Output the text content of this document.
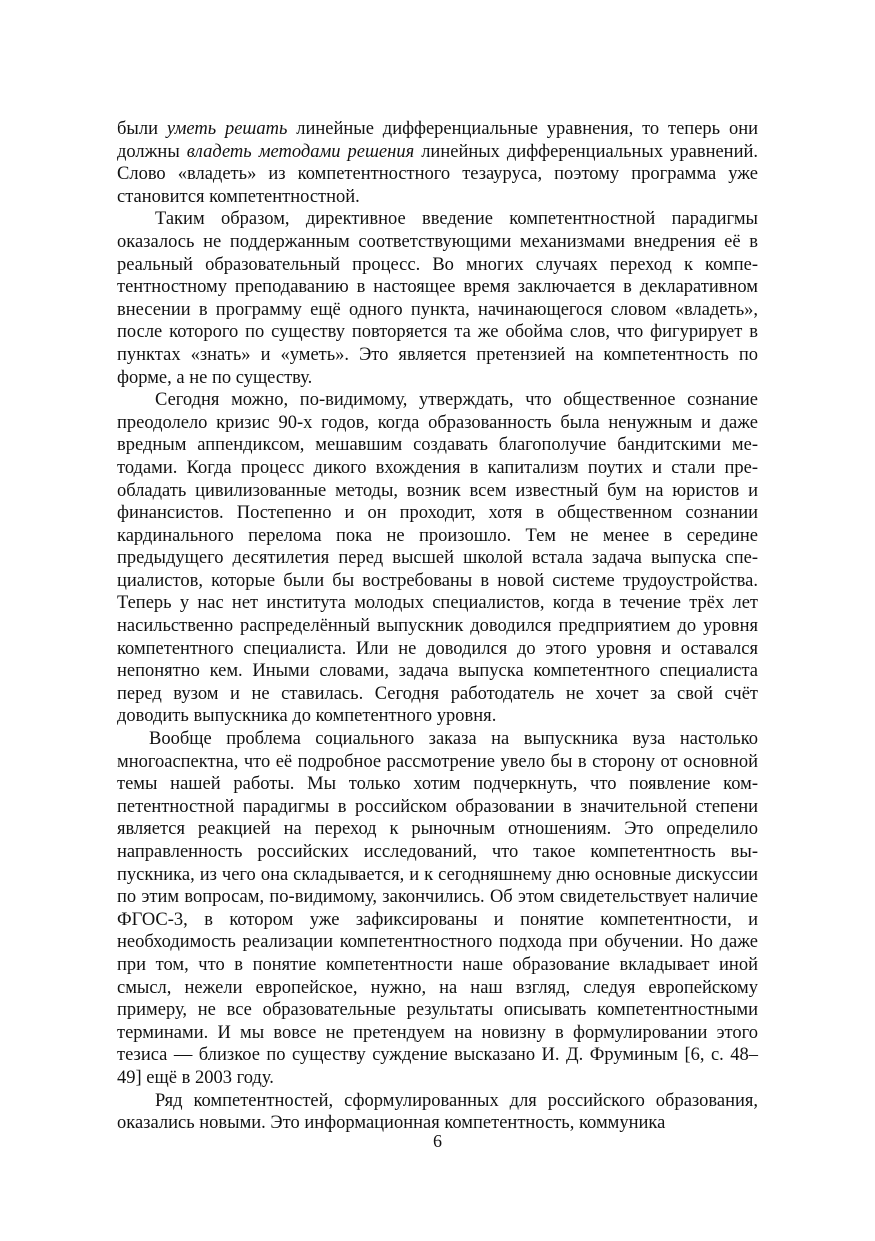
были уметь решать линейные дифференциальные уравнения, то теперь они должны владеть методами решения линейных дифференциальных уравнений. Слово «владеть» из компетентностного тезауруса, поэтому программа уже становится компетентностной.

Таким образом, директивное введение компетентностной парадигмы оказалось не поддержанным соответствующими механизмами внедрения её в реальный образовательный процесс. Во многих случаях переход к компетентностному преподаванию в настоящее время заключается в декларативном внесении в программу ещё одного пункта, начинающегося словом «владеть», после которого по существу повторяется та же обойма слов, что фигурирует в пунктах «знать» и «уметь». Это является претензией на компетентность по форме, а не по существу.

Сегодня можно, по-видимому, утверждать, что общественное сознание преодолело кризис 90-х годов, когда образованность была ненужным и даже вредным аппендиксом, мешавшим создавать благополучие бандитскими методами. Когда процесс дикого вхождения в капитализм поутих и стали преобладать цивилизованные методы, возник всем известный бум на юристов и финансистов. Постепенно и он проходит, хотя в общественном сознании кардинального перелома пока не произошло. Тем не менее в середине предыдущего десятилетия перед высшей школой встала задача выпуска специалистов, которые были бы востребованы в новой системе трудоустройства. Теперь у нас нет института молодых специалистов, когда в течение трёх лет насильственно распределённый выпускник доводился предприятием до уровня компетентного специалиста. Или не доводился до этого уровня и оставался непонятно кем. Иными словами, задача выпуска компетентного специалиста перед вузом и не ставилась. Сегодня работодатель не хочет за свой счёт доводить выпускника до компетентного уровня.

Вообще проблема социального заказа на выпускника вуза настолько многоаспектна, что её подробное рассмотрение увело бы в сторону от основной темы нашей работы. Мы только хотим подчеркнуть, что появление компетентностной парадигмы в российском образовании в значительной степени является реакцией на переход к рыночным отношениям. Это определило направленность российских исследований, что такое компетентность выпускника, из чего она складывается, и к сегодняшнему дню основные дискуссии по этим вопросам, по-видимому, закончились. Об этом свидетельствует наличие ФГОС-3, в котором уже зафиксированы и понятие компетентности, и необходимость реализации компетентностного подхода при обучении. Но даже при том, что в понятие компетентности наше образование вкладывает иной смысл, нежели европейское, нужно, на наш взгляд, следуя европейскому примеру, не все образовательные результаты описывать компетентностными терминами. И мы вовсе не претендуем на новизну в формулировании этого тезиса — близкое по существу суждение высказано И. Д. Фруминым [6, с. 48–49] ещё в 2003 году.

Ряд компетентностей, сформулированных для российского образования, оказались новыми. Это информационная компетентность, коммуника

6
